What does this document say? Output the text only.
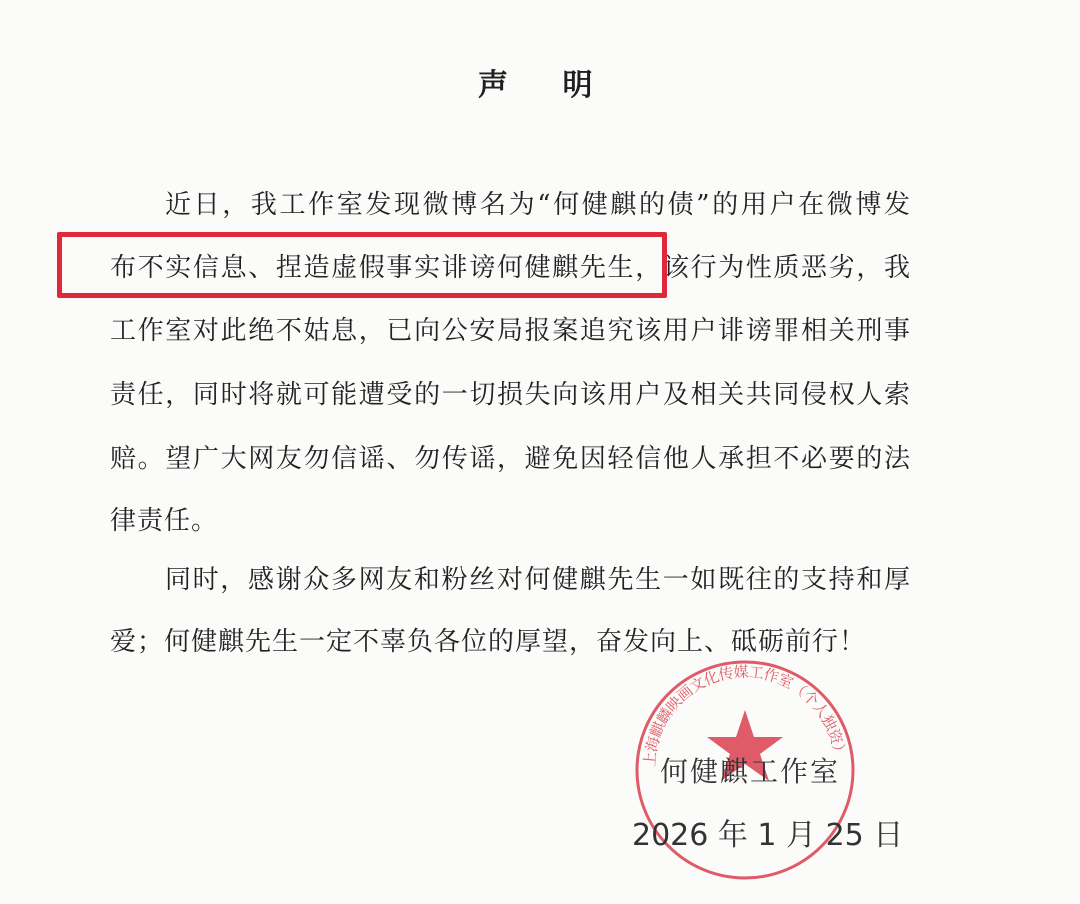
声 明
近日，我工作室发现微博名为“何健麒的债”的用户在微博发
布不实信息、捏造虚假事实诽谤何健麒先生，该行为性质恶劣，我
工作室对此绝不姑息，已向公安局报案追究该用户诽谤罪相关刑事
责任，同时将就可能遭受的一切损失向该用户及相关共同侵权人索
赔。望广大网友勿信谣、勿传谣，避免因轻信他人承担不必要的法
律责任。
同时，感谢众多网友和粉丝对何健麒先生一如既往的支持和厚
爱；何健麒先生一定不辜负各位的厚望，奋发向上、砥砺前行！
上海麒麟映画文化传媒工作室（个人独资）
何健麒工作室
2026 年 1 月 25 日
